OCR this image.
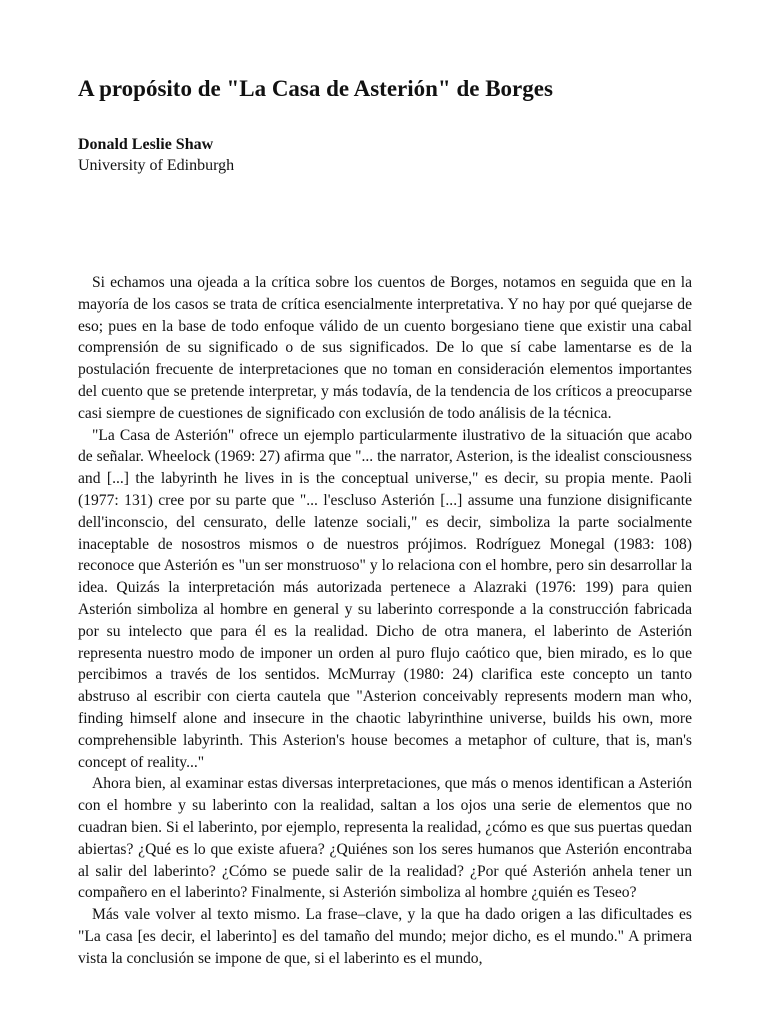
A propósito de "La Casa de Asterión" de Borges

Donald Leslie Shaw

University of Edinburgh

Si echamos una ojeada a la crítica sobre los cuentos de Borges, notamos en seguida que en la mayoría de los casos se trata de crítica esencialmente interpretativa. Y no hay por qué quejarse de eso; pues en la base de todo enfoque válido de un cuento borgesiano tiene que existir una cabal comprensión de su significado o de sus significados. De lo que sí cabe lamentarse es de la postulación frecuente de interpretaciones que no toman en consideración elementos importantes del cuento que se pretende interpretar, y más todavía, de la tendencia de los críticos a preocuparse casi siempre de cuestiones de significado con exclusión de todo análisis de la técnica.

"La Casa de Asterión" ofrece un ejemplo particularmente ilustrativo de la situación que acabo de señalar. Wheelock (1969: 27) afirma que "... the narrator, Asterion, is the idealist consciousness and [...] the labyrinth he lives in is the conceptual universe," es decir, su propia mente. Paoli (1977: 131) cree por su parte que "... l'escluso Asterión [...] assume una funzione disignificante dell'inconscio, del censurato, delle latenze sociali," es decir, simboliza la parte socialmente inaceptable de nosostros mismos o de nuestros prójimos. Rodríguez Monegal (1983: 108) reconoce que Asterión es "un ser monstruoso" y lo relaciona con el hombre, pero sin desarrollar la idea. Quizás la interpretación más autorizada pertenece a Alazraki (1976: 199) para quien Asterión simboliza al hombre en general y su laberinto corresponde a la construcción fabricada por su intelecto que para él es la realidad. Dicho de otra manera, el laberinto de Asterión representa nuestro modo de imponer un orden al puro flujo caótico que, bien mirado, es lo que percibimos a través de los sentidos. McMurray (1980: 24) clarifica este concepto un tanto abstruso al escribir con cierta cautela que "Asterion conceivably represents modern man who, finding himself alone and insecure in the chaotic labyrinthine universe, builds his own, more comprehensible labyrinth. This Asterion's house becomes a metaphor of culture, that is, man's concept of reality..."

Ahora bien, al examinar estas diversas interpretaciones, que más o menos identifican a Asterión con el hombre y su laberinto con la realidad, saltan a los ojos una serie de elementos que no cuadran bien. Si el laberinto, por ejemplo, representa la realidad, ¿cómo es que sus puertas quedan abiertas? ¿Qué es lo que existe afuera? ¿Quiénes son los seres humanos que Asterión encontraba al salir del laberinto? ¿Cómo se puede salir de la realidad? ¿Por qué Asterión anhela tener un compañero en el laberinto? Finalmente, si Asterión simboliza al hombre ¿quién es Teseo?

Más vale volver al texto mismo. La frase–clave, y la que ha dado origen a las dificultades es "La casa [es decir, el laberinto] es del tamaño del mundo; mejor dicho, es el mundo." A primera vista la conclusión se impone de que, si el laberinto es el mundo,
